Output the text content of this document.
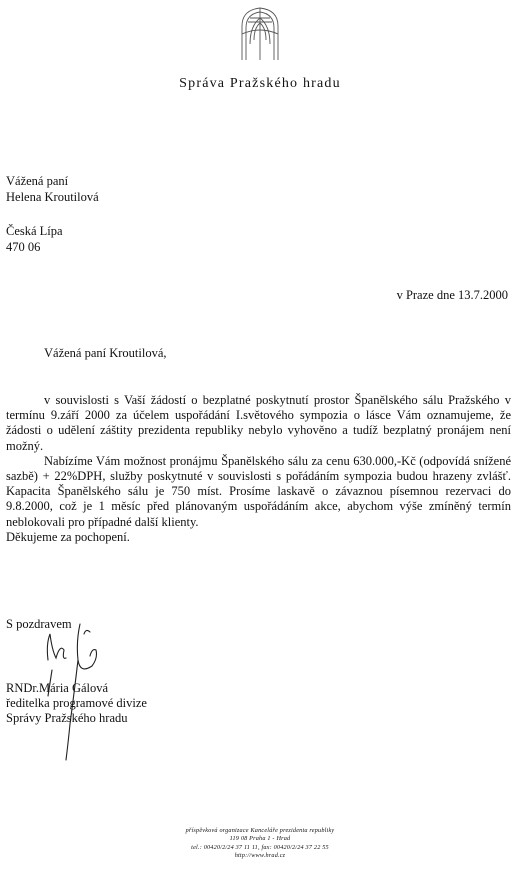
Správa Pražského hradu
Vážená paní
Helena Kroutilová
Česká Lípa
470 06
v Praze dne 13.7.2000
Vážená paní Kroutilová,

v souvislosti s Vaší žádostí o bezplatné poskytnutí prostor Španělského sálu Pražského v termínu 9.září 2000 za účelem uspořádání I.světového sympozia o lásce Vám oznamujeme, že žádosti o udělení záštity prezidenta republiky nebylo vyhověno a tudíž bezplatný pronájem není možný.

Nabízíme Vám možnost pronájmu Španělského sálu za cenu 630.000,-Kč (odpovídá snížené sazbě) + 22%DPH, služby poskytnuté v souvislosti s pořádáním sympozia budou hrazeny zvlášť. Kapacita Španělského sálu je 750 míst. Prosíme laskavě o závaznou písemnou rezervaci do 9.8.2000, což je 1 měsíc před plánovaným uspořádáním akce, abychom výše zmíněný termín neblokovali pro případné další klienty.

Děkujeme za pochopení.

S pozdravem
RNDr.Mária Gálová
ředitelka programové divize
Správy Pražského hradu
příspěvková organizace Kanceláře prezidenta republiky
119 08 Praha 1 - Hrad
tel.: 00420/2/24 37 11 11, fax: 00420/2/24 37 22 55
http://www.hrad.cz
